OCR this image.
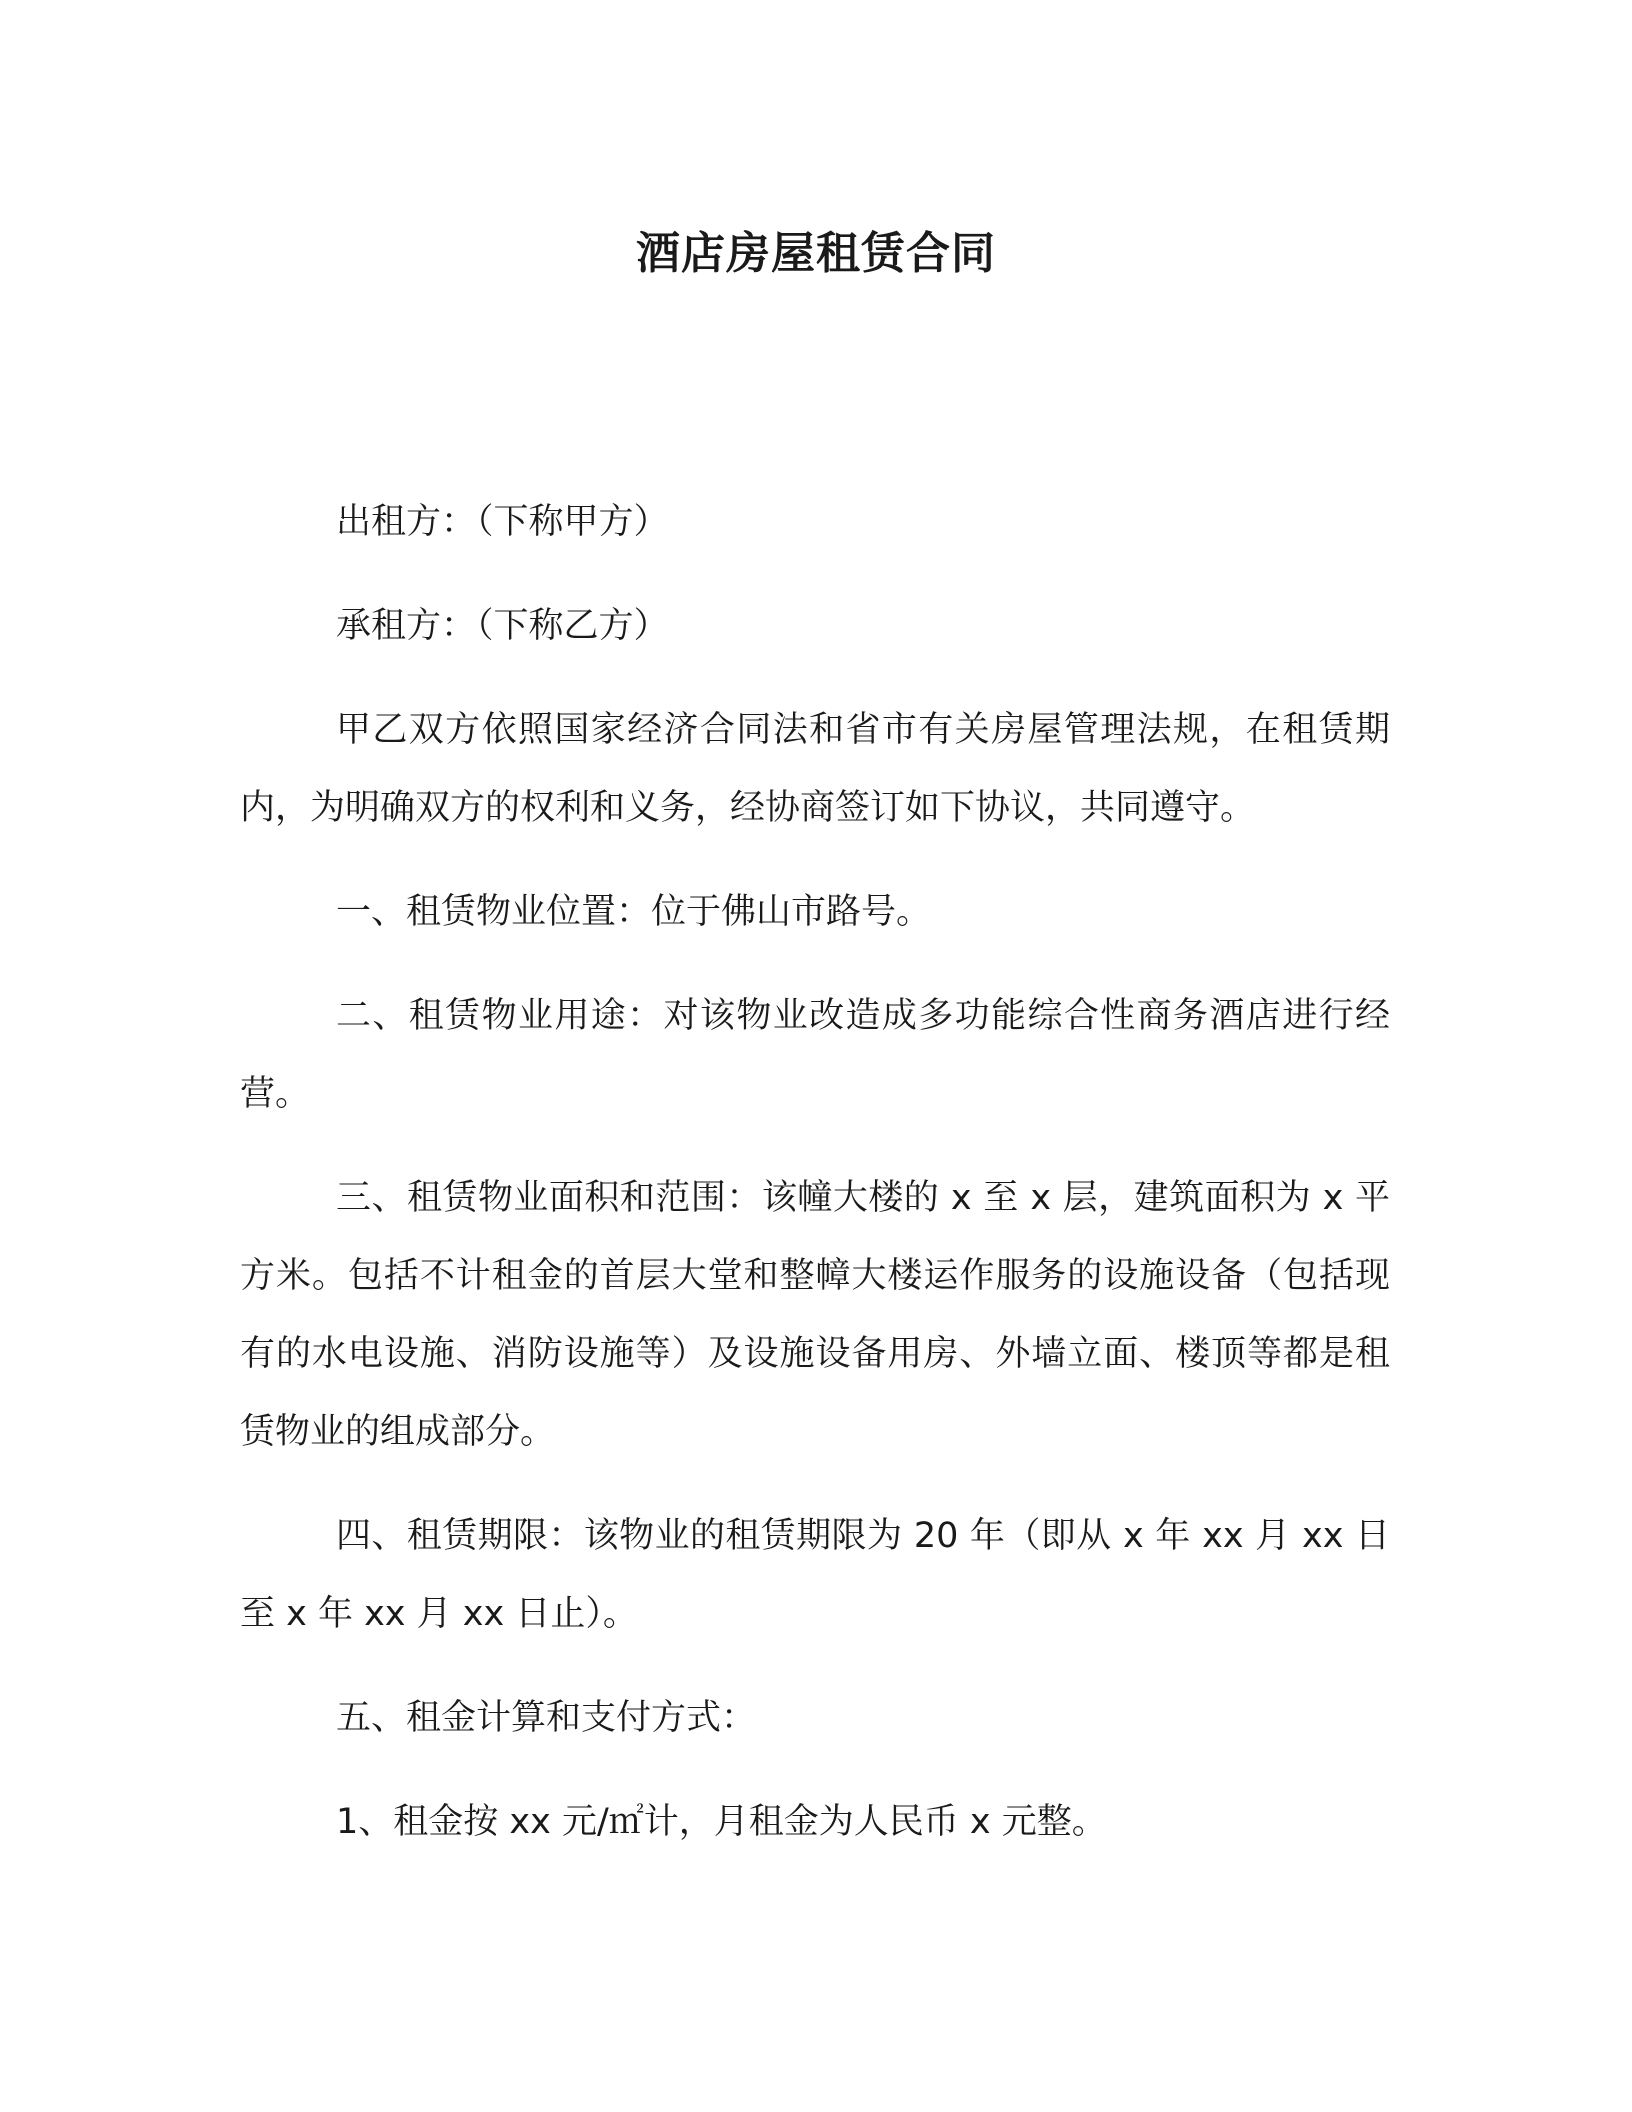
酒店房屋租赁合同

出租方：（下称甲方）

承租方：（下称乙方）

甲乙双方依照国家经济合同法和省市有关房屋管理法规，在租赁期内，为明确双方的权利和义务，经协商签订如下协议，共同遵守。

一、租赁物业位置：位于佛山市路号。

二、租赁物业用途：对该物业改造成多功能综合性商务酒店进行经营。

三、租赁物业面积和范围：该幢大楼的 x 至 x 层，建筑面积为 x 平方米。包括不计租金的首层大堂和整幛大楼运作服务的设施设备（包括现有的水电设施、消防设施等）及设施设备用房、外墙立面、楼顶等都是租赁物业的组成部分。

四、租赁期限：该物业的租赁期限为 20 年（即从 x 年 xx 月 xx 日至 x 年 xx 月 xx 日止）。

五、租金计算和支付方式：

1、租金按 xx 元/㎡计，月租金为人民币 x 元整。
